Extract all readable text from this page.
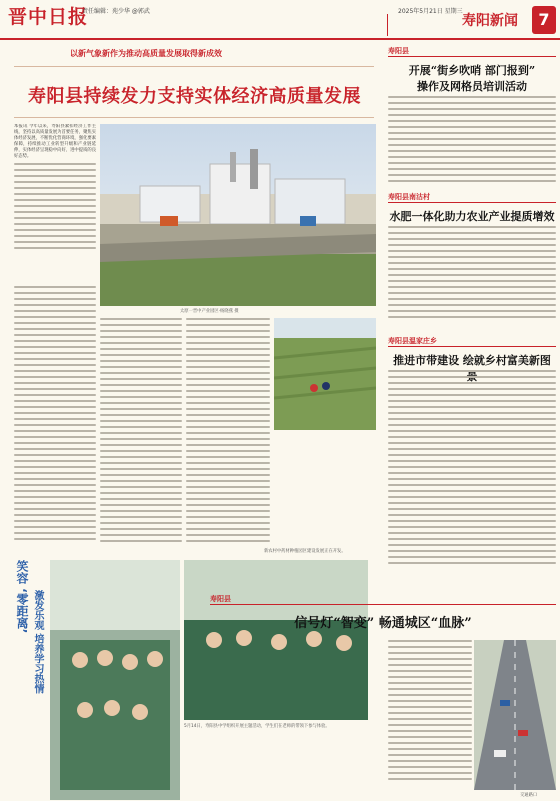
晋中日报
责任编辑：苑少华 @郭武	2025年5月21日 星期三
寿阳新闻	7
以新气象新作为推动高质量发展取得新成效
寿阳县持续发力支持实体经济高质量发展
本报讯 今年以来，寿阳县紧扣经济工作主线，坚持以高质量发展为首要任务，聚焦实体经济发展，不断优化营商环境，强化要素保障，持续推动工业转型升级和产业链延伸，实体经济呈现稳中向好、进中提质的良好态势。
太原一晋中产业园区·杨晓燕 摄
新农村中药材种植园区建设发展正在开发。
笑容 ‘零距离’ 激发乐观 培养学习热情
5月14日，寿阳县中学组织开展主题活动，学生们在老师的带领下参与体验。
寿阳县
开展“街乡吹哨 部门报到”
操作及网格员培训活动
寿阳县南沽村
水肥一体化助力农业产业提质增效
寿阳县温家庄乡
推进市带建设 绘就乡村富美新图景
寿阳县
信号灯“智变” 畅通城区“血脉”
交通路口
